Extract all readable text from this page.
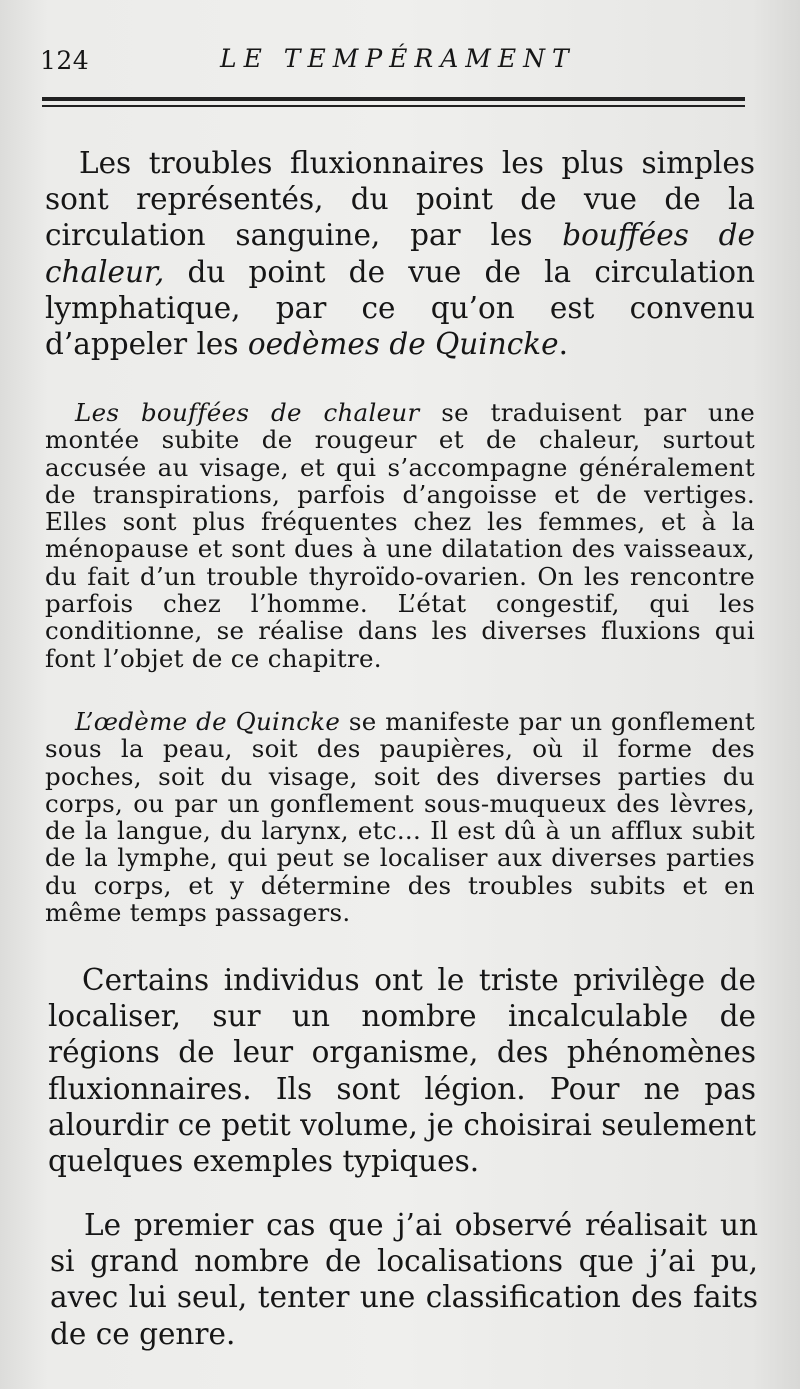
124	LE TEMPÉRAMENT

Les troubles fluxionnaires les plus simples sont représentés, du point de vue de la circulation sanguine, par les bouffées de chaleur, du point de vue de la circulation lymphatique, par ce qu’on est convenu d’appeler les oedèmes de Quincke.

Les bouffées de chaleur se traduisent par une montée subite de rougeur et de chaleur, surtout accusée au visage, et qui s’accompagne généralement de transpirations, parfois d’angoisse et de vertiges. Elles sont plus fréquentes chez les femmes, et à la ménopause et sont dues à une dilatation des vaisseaux, du fait d’un trouble thyroïdo-ovarien. On les rencontre parfois chez l’homme. L’état congestif, qui les conditionne, se réalise dans les diverses fluxions qui font l’objet de ce chapitre.

L’œdème de Quincke se manifeste par un gonflement sous la peau, soit des paupières, où il forme des poches, soit du visage, soit des diverses parties du corps, ou par un gonflement sous-muqueux des lèvres, de la langue, du larynx, etc... Il est dû à un afflux subit de la lymphe, qui peut se localiser aux diverses parties du corps, et y détermine des troubles subits et en même temps passagers.

Certains individus ont le triste privilège de localiser, sur un nombre incalculable de régions de leur organisme, des phénomènes fluxionnaires. Ils sont légion. Pour ne pas alourdir ce petit volume, je choisirai seulement quelques exemples typiques.

Le premier cas que j’ai observé réalisait un si grand nombre de localisations que j’ai pu, avec lui seul, tenter une classification des faits de ce genre.
